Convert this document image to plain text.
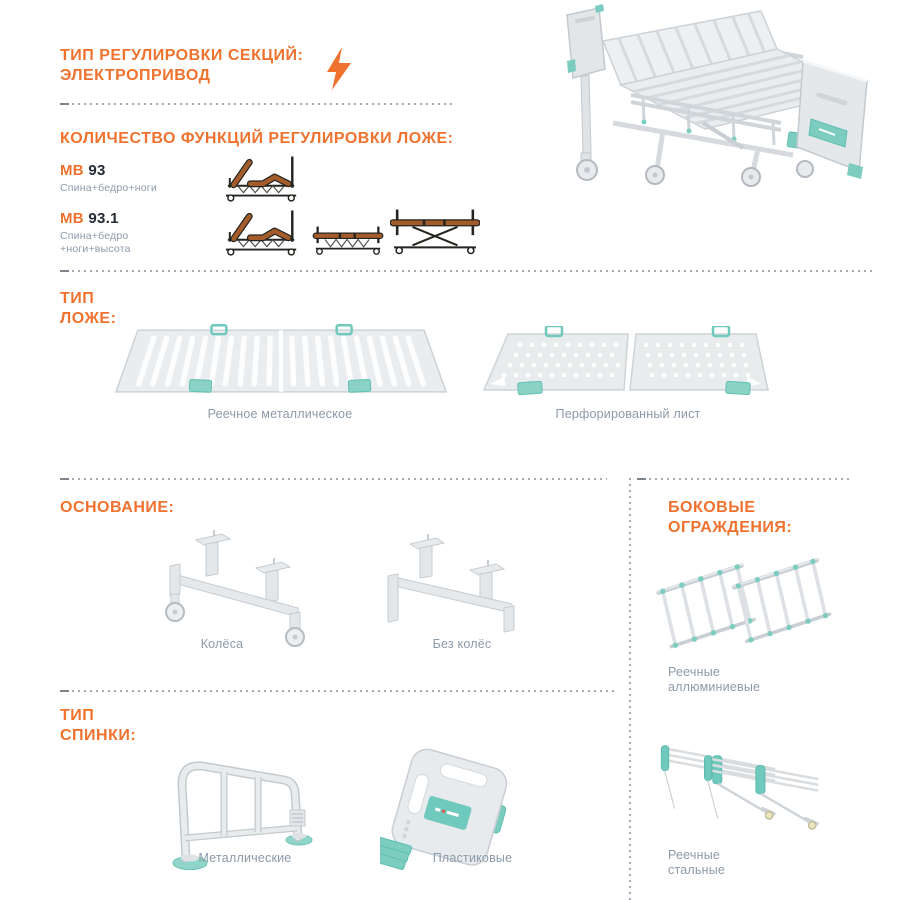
ТИП РЕГУЛИРОВКИ СЕКЦИЙ:
ЭЛЕКТРОПРИВОД
КОЛИЧЕСТВО ФУНКЦИЙ РЕГУЛИРОВКИ ЛОЖЕ:
МВ 93
Спина+бедро+ноги
МВ 93.1
Спина+бедро
+ноги+высота
ТИП
ЛОЖЕ:
Реечное металлическое	Перфорированный лист
ОСНОВАНИЕ:
Колёса	Без колёс
ТИП
СПИНКИ:
Металлические	Пластиковые
БОКОВЫЕ
ОГРАЖДЕНИЯ:
Реечные
аллюминиевые
Реечные
стальные
